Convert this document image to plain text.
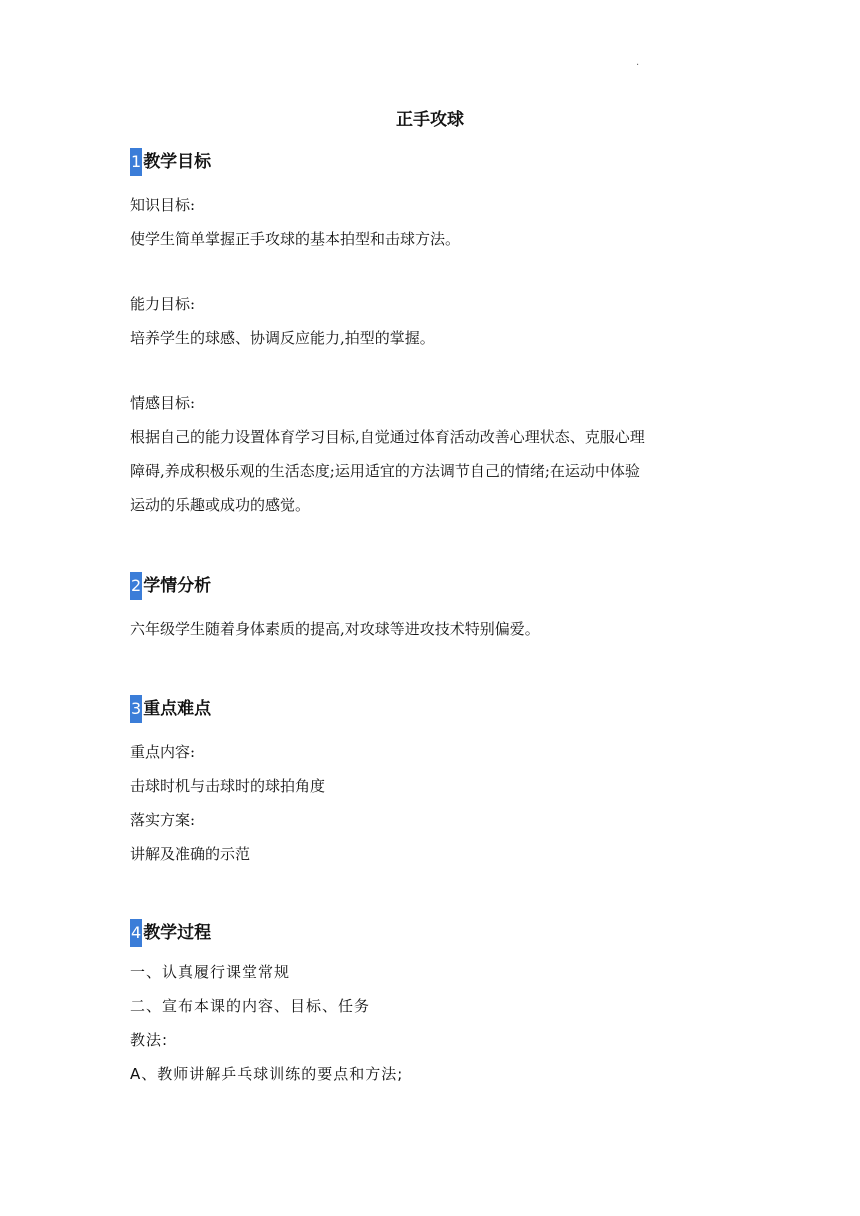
.
正手攻球
1 教学目标
知识目标:
使学生简单掌握正手攻球的基本拍型和击球方法。
能力目标:
培养学生的球感、协调反应能力,拍型的掌握。
情感目标:
根据自己的能力设置体育学习目标,自觉通过体育活动改善心理状态、克服心理
障碍,养成积极乐观的生活态度;运用适宜的方法调节自己的情绪;在运动中体验
运动的乐趣或成功的感觉。
2 学情分析
六年级学生随着身体素质的提高,对攻球等进攻技术特别偏爱。
3 重点难点
重点内容:
击球时机与击球时的球拍角度
落实方案:
讲解及准确的示范
4 教学过程
一、认真履行课堂常规
二、宣布本课的内容、目标、任务
教法:
A、教师讲解乒乓球训练的要点和方法;
